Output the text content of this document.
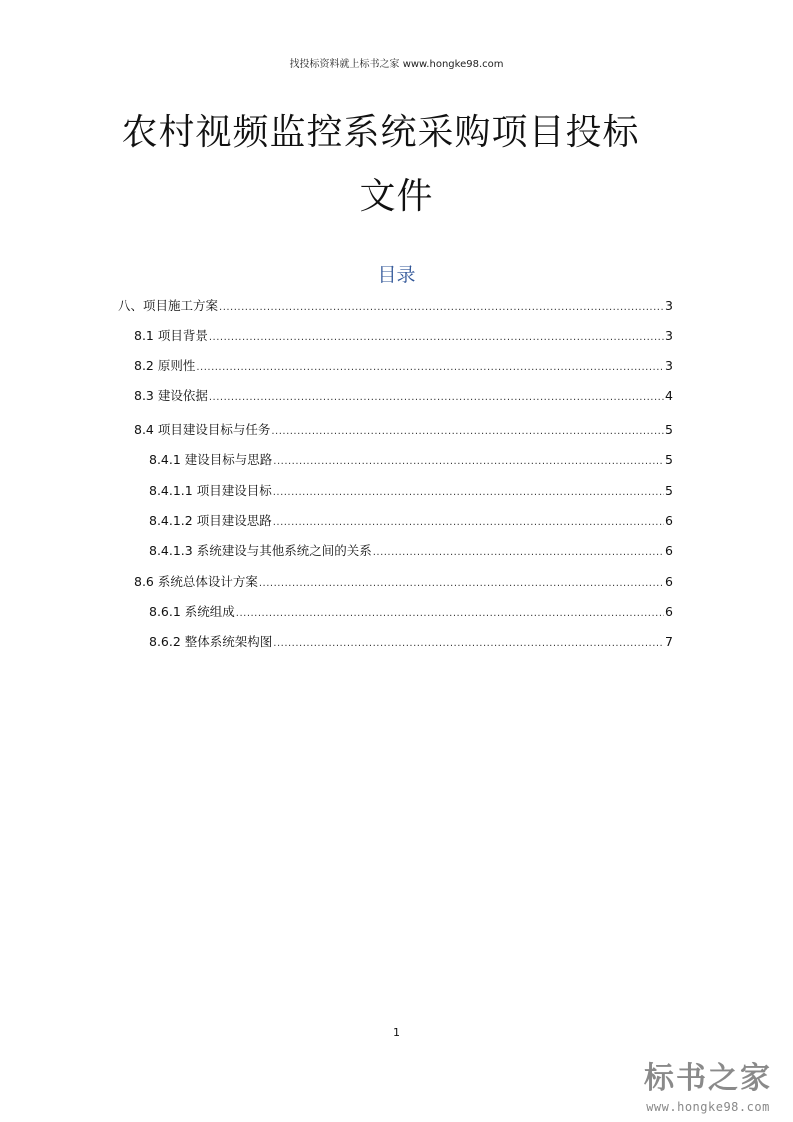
找投标资料就上标书之家 www.hongke98.com
农村视频监控系统采购项目投标
文件
目录
八、项目施工方案 .....	3
8.1 项目背景 .....	3
8.2 原则性 .....	3
8.3 建设依据 .....	4
8.4 项目建设目标与任务 .....	5
8.4.1 建设目标与思路 .....	5
8.4.1.1 项目建设目标 .....	5
8.4.1.2 项目建设思路 .....	6
8.4.1.3 系统建设与其他系统之间的关系 .....	6
8.6 系统总体设计方案 .....	6
8.6.1 系统组成 .....	6
8.6.2 整体系统架构图 .....	7
1
标书之家
www.hongke98.com
